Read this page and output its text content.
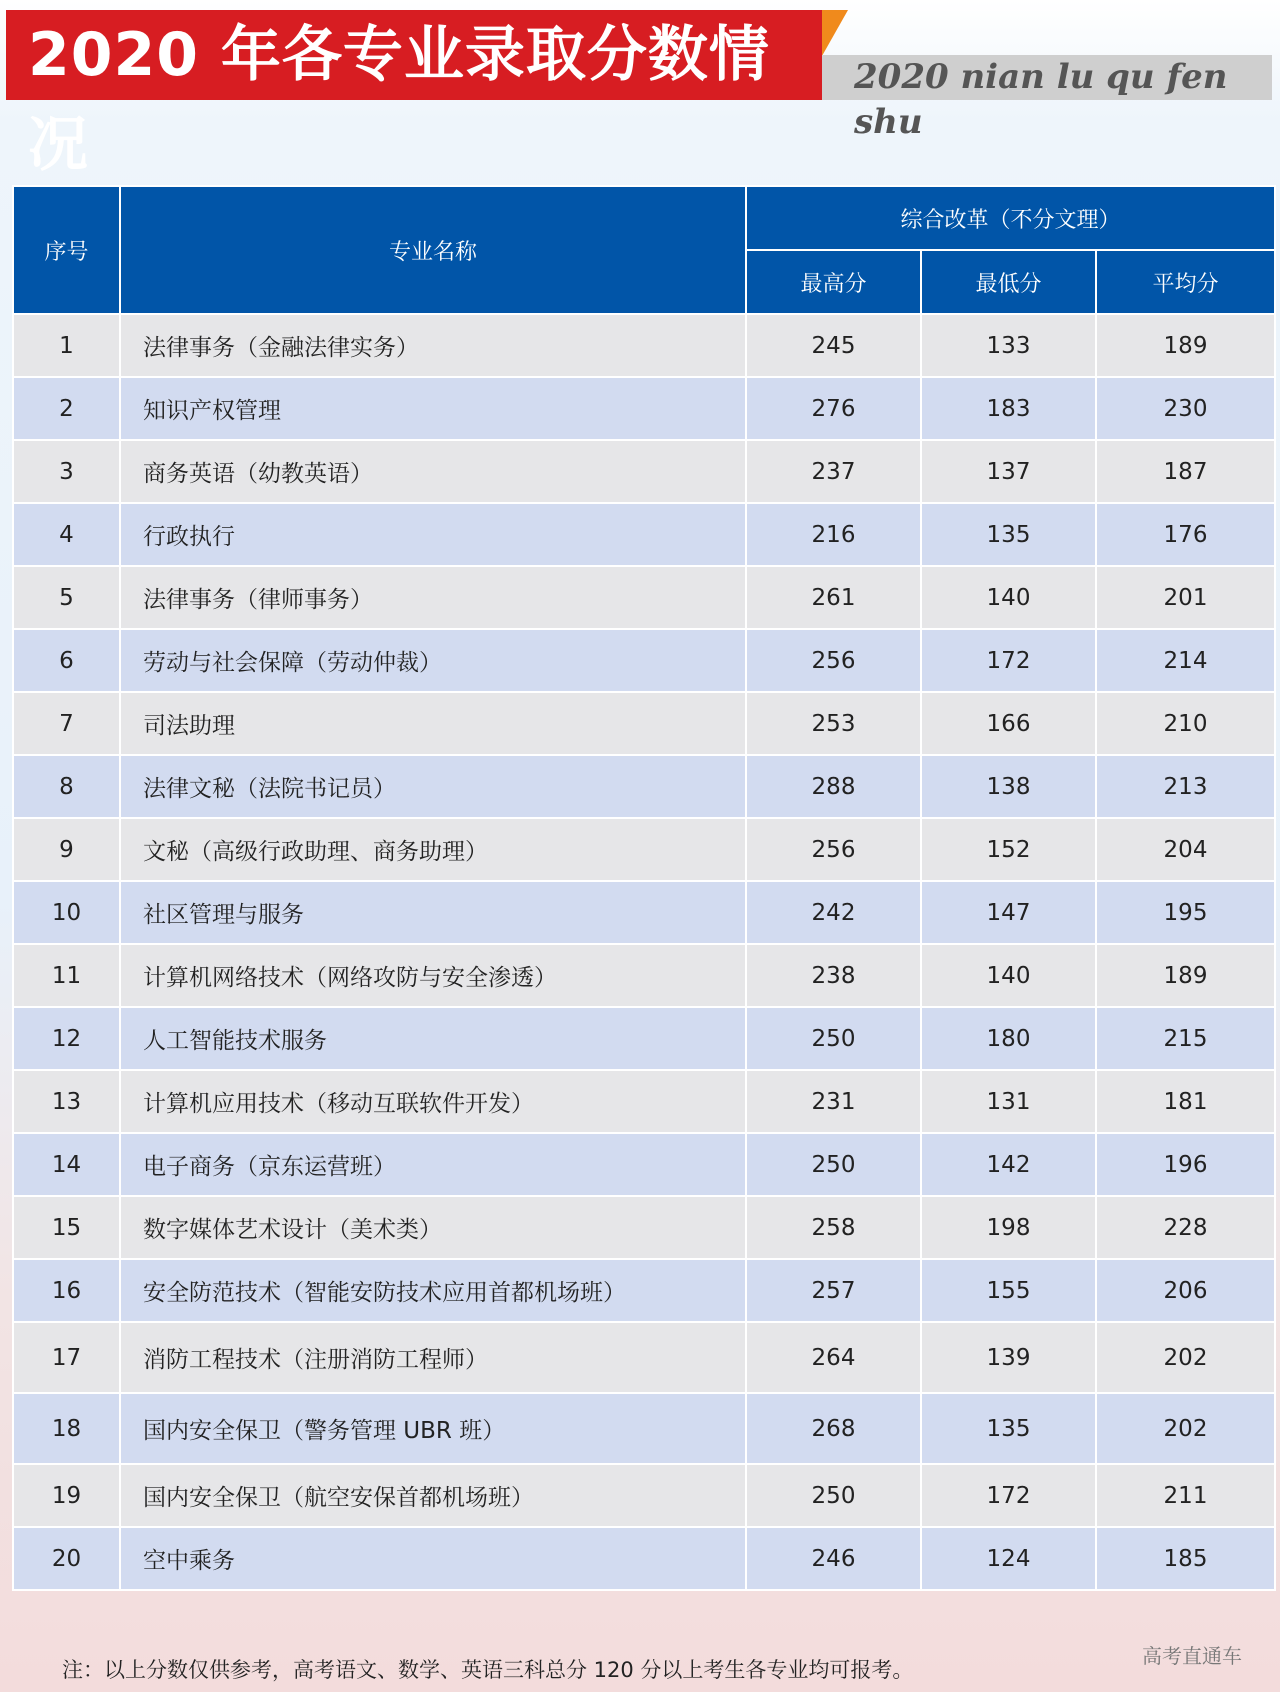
2020 年各专业录取分数情况
2020 nian lu qu fen shu
序号	专业名称	综合改革（不分文理）		
		最高分	最低分	平均分
1	法律事务（金融法律实务）	245	133	189
2	知识产权管理	276	183	230
3	商务英语（幼教英语）	237	137	187
4	行政执行	216	135	176
5	法律事务（律师事务）	261	140	201
6	劳动与社会保障（劳动仲裁）	256	172	214
7	司法助理	253	166	210
8	法律文秘（法院书记员）	288	138	213
9	文秘（高级行政助理、商务助理）	256	152	204
10	社区管理与服务	242	147	195
11	计算机网络技术（网络攻防与安全渗透）	238	140	189
12	人工智能技术服务	250	180	215
13	计算机应用技术（移动互联软件开发）	231	131	181
14	电子商务（京东运营班）	250	142	196
15	数字媒体艺术设计（美术类）	258	198	228
16	安全防范技术（智能安防技术应用首都机场班）	257	155	206
17	消防工程技术（注册消防工程师）	264	139	202
18	国内安全保卫（警务管理 UBR 班）	268	135	202
19	国内安全保卫（航空安保首都机场班）	250	172	211
20	空中乘务	246	124	185
注：以上分数仅供参考，高考语文、数学、英语三科总分 120 分以上考生各专业均可报考。
高考直通车
